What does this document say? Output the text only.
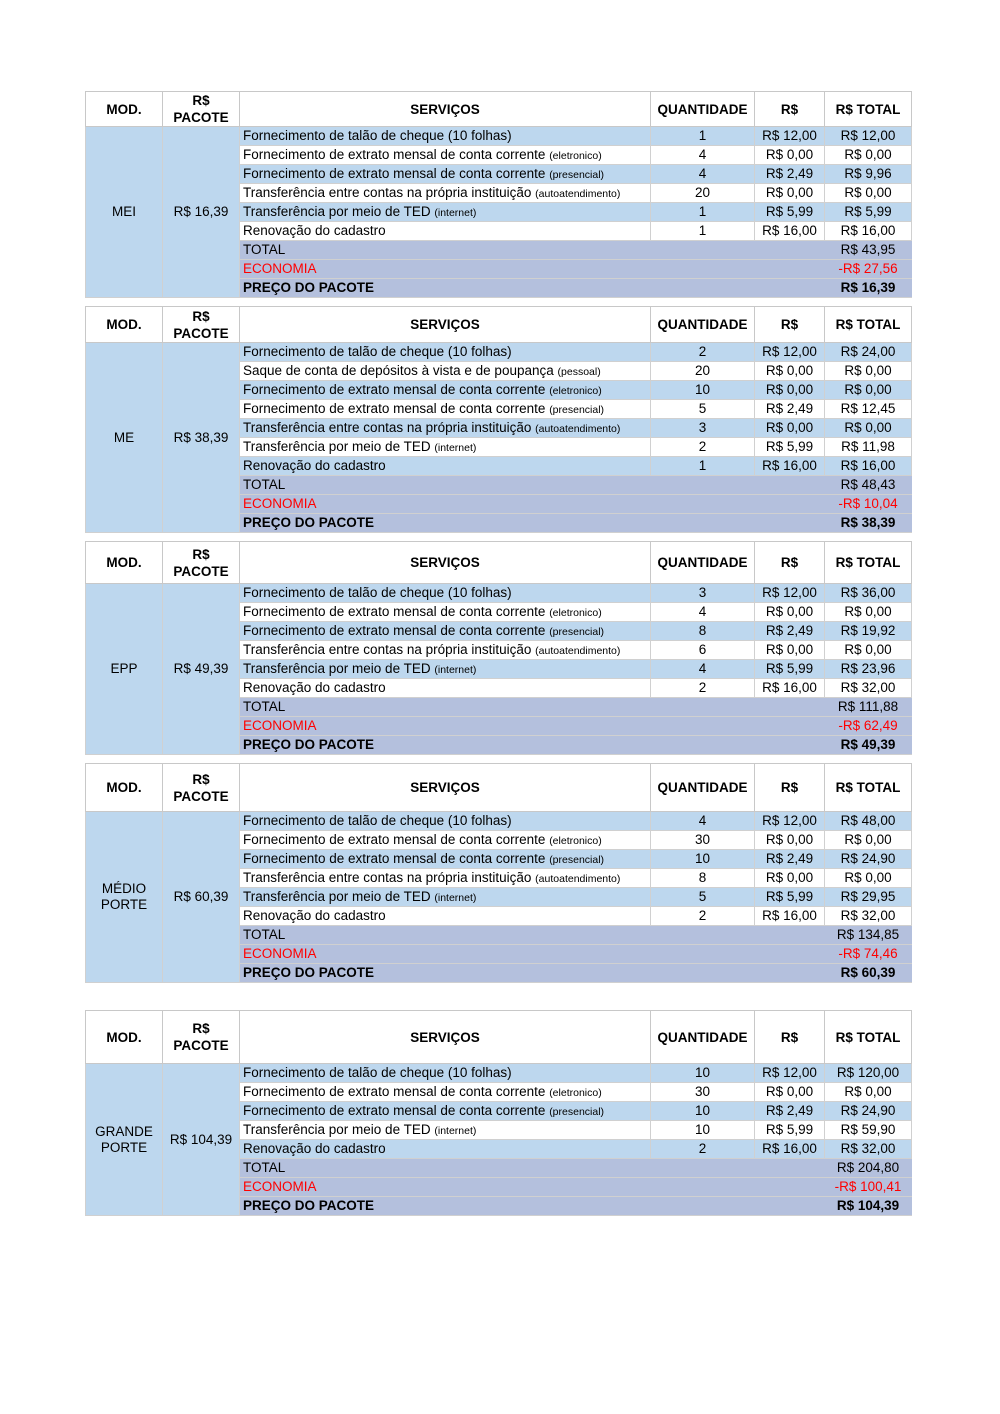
MOD.	R$ PACOTE	SERVIÇOS	QUANTIDADE	R$	R$ TOTAL
MEI	R$ 16,39	Fornecimento de talão de cheque (10 folhas)	1	R$ 12,00	R$ 12,00
		Fornecimento de extrato mensal de conta corrente (eletronico)	4	R$ 0,00	R$ 0,00
		Fornecimento de extrato mensal de conta corrente (presencial)	4	R$ 2,49	R$ 9,96
		Transferência entre contas na própria instituição (autoatendimento)	20	R$ 0,00	R$ 0,00
		Transferência por meio de TED (internet)	1	R$ 5,99	R$ 5,99
		Renovação do cadastro	1	R$ 16,00	R$ 16,00
		TOTAL			R$ 43,95
		ECONOMIA			-R$ 27,56
		PREÇO DO PACOTE			R$ 16,39
MOD.	R$ PACOTE	SERVIÇOS	QUANTIDADE	R$	R$ TOTAL
ME	R$ 38,39	Fornecimento de talão de cheque (10 folhas)	2	R$ 12,00	R$ 24,00
		Saque de conta de depósitos à vista e de poupança (pessoal)	20	R$ 0,00	R$ 0,00
		Fornecimento de extrato mensal de conta corrente (eletronico)	10	R$ 0,00	R$ 0,00
		Fornecimento de extrato mensal de conta corrente (presencial)	5	R$ 2,49	R$ 12,45
		Transferência entre contas na própria instituição (autoatendimento)	3	R$ 0,00	R$ 0,00
		Transferência por meio de TED (internet)	2	R$ 5,99	R$ 11,98
		Renovação do cadastro	1	R$ 16,00	R$ 16,00
		TOTAL			R$ 48,43
		ECONOMIA			-R$ 10,04
		PREÇO DO PACOTE			R$ 38,39
MOD.	R$ PACOTE	SERVIÇOS	QUANTIDADE	R$	R$ TOTAL
EPP	R$ 49,39	Fornecimento de talão de cheque (10 folhas)	3	R$ 12,00	R$ 36,00
		Fornecimento de extrato mensal de conta corrente (eletronico)	4	R$ 0,00	R$ 0,00
		Fornecimento de extrato mensal de conta corrente (presencial)	8	R$ 2,49	R$ 19,92
		Transferência entre contas na própria instituição (autoatendimento)	6	R$ 0,00	R$ 0,00
		Transferência por meio de TED (internet)	4	R$ 5,99	R$ 23,96
		Renovação do cadastro	2	R$ 16,00	R$ 32,00
		TOTAL			R$ 111,88
		ECONOMIA			-R$ 62,49
		PREÇO DO PACOTE			R$ 49,39
MOD.	R$ PACOTE	SERVIÇOS	QUANTIDADE	R$	R$ TOTAL
MÉDIO PORTE	R$ 60,39	Fornecimento de talão de cheque (10 folhas)	4	R$ 12,00	R$ 48,00
		Fornecimento de extrato mensal de conta corrente (eletronico)	30	R$ 0,00	R$ 0,00
		Fornecimento de extrato mensal de conta corrente (presencial)	10	R$ 2,49	R$ 24,90
		Transferência entre contas na própria instituição (autoatendimento)	8	R$ 0,00	R$ 0,00
		Transferência por meio de TED (internet)	5	R$ 5,99	R$ 29,95
		Renovação do cadastro	2	R$ 16,00	R$ 32,00
		TOTAL			R$ 134,85
		ECONOMIA			-R$ 74,46
		PREÇO DO PACOTE			R$ 60,39
MOD.	R$ PACOTE	SERVIÇOS	QUANTIDADE	R$	R$ TOTAL
GRANDE PORTE	R$ 104,39	Fornecimento de talão de cheque (10 folhas)	10	R$ 12,00	R$ 120,00
		Fornecimento de extrato mensal de conta corrente (eletronico)	30	R$ 0,00	R$ 0,00
		Fornecimento de extrato mensal de conta corrente (presencial)	10	R$ 2,49	R$ 24,90
		Transferência por meio de TED (internet)	10	R$ 5,99	R$ 59,90
		Renovação do cadastro	2	R$ 16,00	R$ 32,00
		TOTAL			R$ 204,80
		ECONOMIA			-R$ 100,41
		PREÇO DO PACOTE			R$ 104,39
